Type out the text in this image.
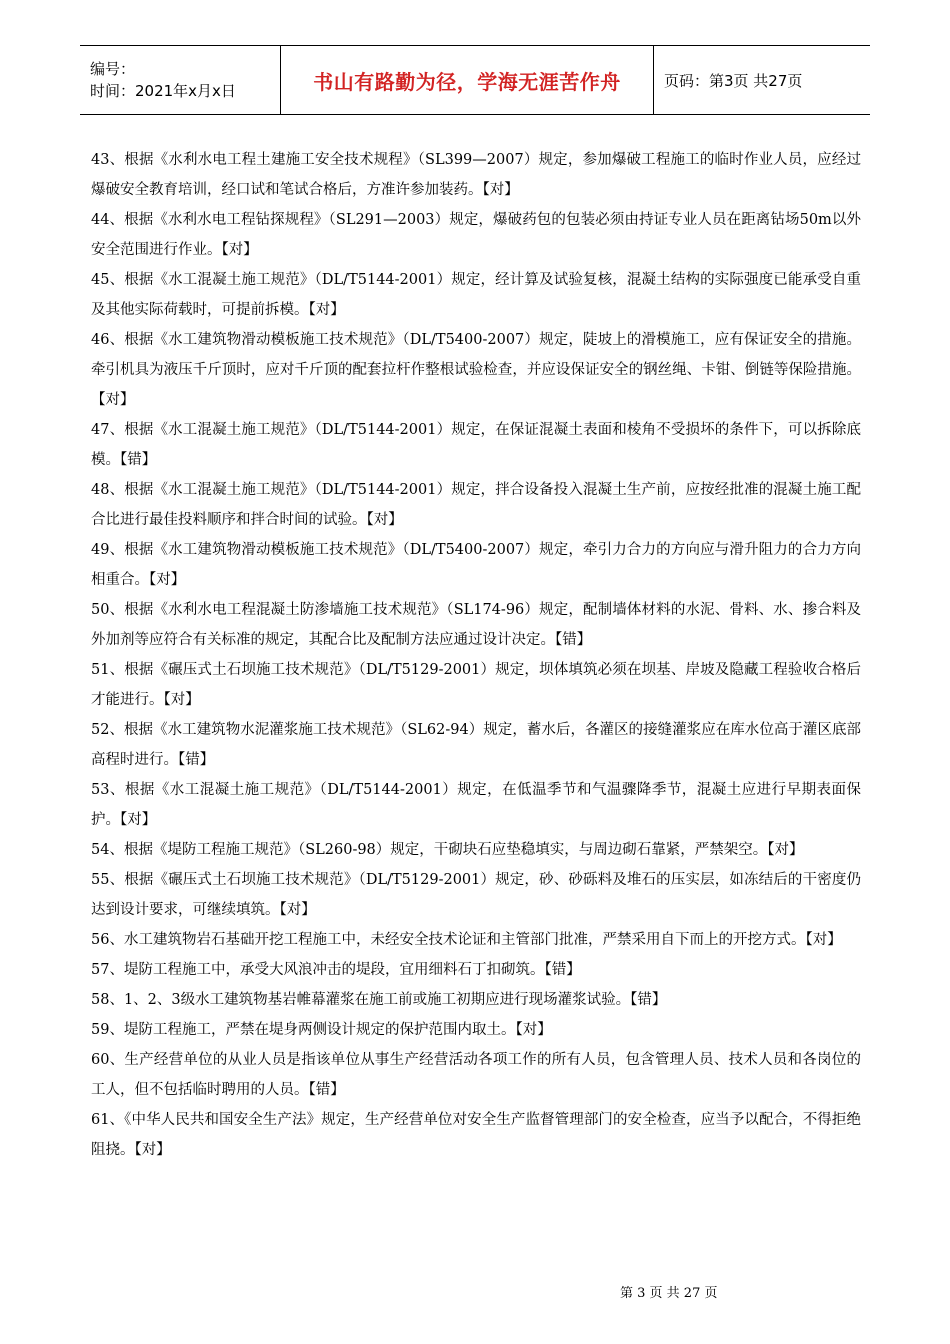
编号：
时间：2021年x月x日	书山有路勤为径，学海无涯苦作舟	页码：第3页 共27页

43、根据《水利水电工程土建施工安全技术规程》（SL399—2007）规定，参加爆破工程施工的临时作业人员，应经过爆破安全教育培训，经口试和笔试合格后，方准许参加装药。【对】

44、根据《水利水电工程钻探规程》（SL291—2003）规定，爆破药包的包装必须由持证专业人员在距离钻场50m以外安全范围进行作业。【对】

45、根据《水工混凝土施工规范》（DL/T5144-2001）规定，经计算及试验复核，混凝土结构的实际强度已能承受自重及其他实际荷载时，可提前拆模。【对】

46、根据《水工建筑物滑动模板施工技术规范》（DL/T5400-2007）规定，陡坡上的滑模施工，应有保证安全的措施。牵引机具为液压千斤顶时，应对千斤顶的配套拉杆作整根试验检查，并应设保证安全的钢丝绳、卡钳、倒链等保险措施。【对】

47、根据《水工混凝土施工规范》（DL/T5144-2001）规定，在保证混凝土表面和棱角不受损坏的条件下，可以拆除底模。【错】

48、根据《水工混凝土施工规范》（DL/T5144-2001）规定，拌合设备投入混凝土生产前，应按经批准的混凝土施工配合比进行最佳投料顺序和拌合时间的试验。【对】

49、根据《水工建筑物滑动模板施工技术规范》（DL/T5400-2007）规定，牵引力合力的方向应与滑升阻力的合力方向相重合。【对】

50、根据《水利水电工程混凝土防渗墙施工技术规范》（SL174-96）规定，配制墙体材料的水泥、骨料、水、掺合料及外加剂等应符合有关标准的规定，其配合比及配制方法应通过设计决定。【错】

51、根据《碾压式土石坝施工技术规范》（DL/T5129-2001）规定，坝体填筑必须在坝基、岸坡及隐藏工程验收合格后才能进行。【对】

52、根据《水工建筑物水泥灌浆施工技术规范》（SL62-94）规定，蓄水后，各灌区的接缝灌浆应在库水位高于灌区底部高程时进行。【错】

53、根据《水工混凝土施工规范》（DL/T5144-2001）规定，在低温季节和气温骤降季节，混凝土应进行早期表面保护。【对】

54、根据《堤防工程施工规范》（SL260-98）规定，干砌块石应垫稳填实，与周边砌石靠紧，严禁架空。【对】

55、根据《碾压式土石坝施工技术规范》（DL/T5129-2001）规定，砂、砂砾料及堆石的压实层，如冻结后的干密度仍达到设计要求，可继续填筑。【对】

56、水工建筑物岩石基础开挖工程施工中，未经安全技术论证和主管部门批准，严禁采用自下而上的开挖方式。【对】

57、堤防工程施工中，承受大风浪冲击的堤段，宜用细料石丁扣砌筑。【错】

58、1、2、3级水工建筑物基岩帷幕灌浆在施工前或施工初期应进行现场灌浆试验。【错】

59、堤防工程施工，严禁在堤身两侧设计规定的保护范围内取土。【对】

60、生产经营单位的从业人员是指该单位从事生产经营活动各项工作的所有人员，包含管理人员、技术人员和各岗位的工人，但不包括临时聘用的人员。【错】

61、《中华人民共和国安全生产法》规定，生产经营单位对安全生产监督管理部门的安全检查，应当予以配合，不得拒绝阻挠。【对】

第 3 页 共 27 页
